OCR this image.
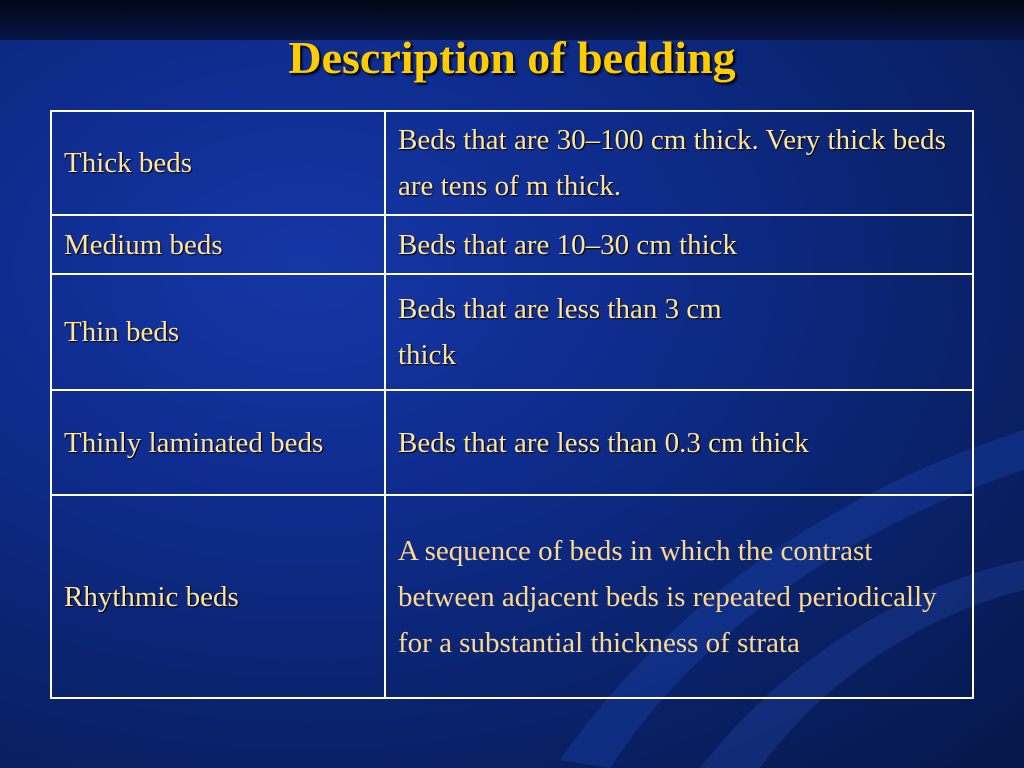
Description of bedding
Thick beds	Beds that are 30–100 cm thick. Very thick beds are tens of m thick.

Medium beds	Beds that are 10–30 cm thick

Thin beds	Beds that are less than 3 cm
thick

Thinly laminated beds	Beds that are less than 0.3 cm thick

Rhythmic beds	A sequence of beds in which the contrast between adjacent beds is repeated periodically for a substantial thickness of strata
